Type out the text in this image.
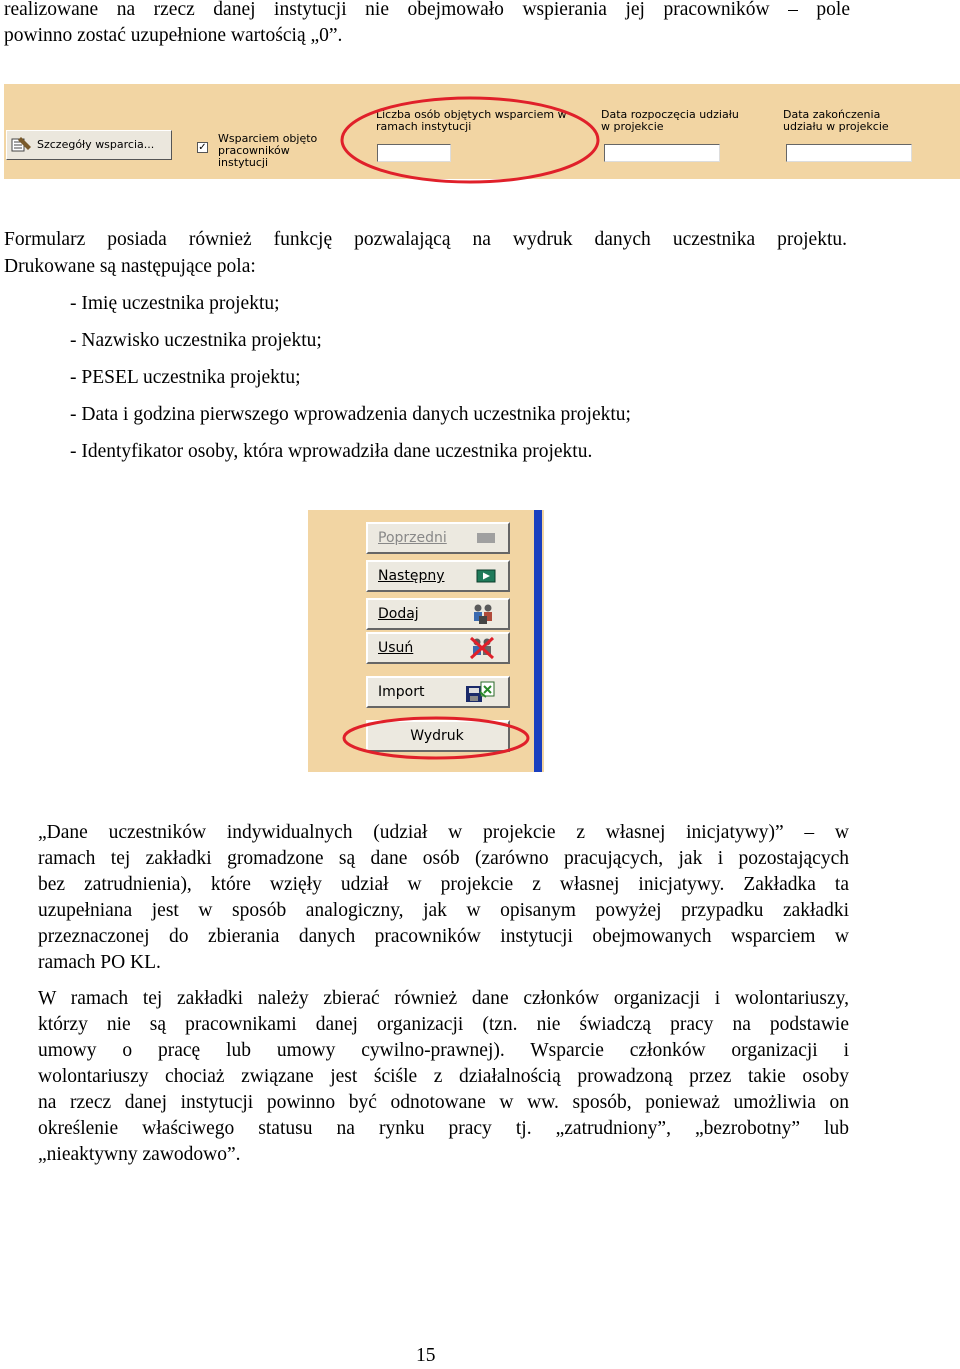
realizowane na rzecz danej instytucji nie obejmowało wspierania jej pracowników – pole
powinno zostać uzupełnione wartością „0”.
Szczegóły wsparcia...	✓
Wsparciem objęto pracowników instytucji
Liczba osób objętych wsparciem w ramach instytucji
Data rozpoczęcia udziału w projekcie
Data zakończenia udziału w projekcie
Formularz posiada również funkcję pozwalającą na wydruk danych uczestnika projektu.
Drukowane są następujące pola:
- Imię uczestnika projektu;
- Nazwisko uczestnika projektu;
- PESEL uczestnika projektu;
- Data i godzina pierwszego wprowadzenia danych uczestnika projektu;
- Identyfikator osoby, która wprowadziła dane uczestnika projektu.
Poprzedni
Następny
Dodaj
Usuń
Import
Wydruk
„Dane uczestników indywidualnych (udział w projekcie z własnej inicjatywy)” – w
ramach tej zakładki gromadzone są dane osób (zarówno pracujących, jak i pozostających
bez zatrudnienia), które wzięły udział w projekcie z własnej inicjatywy. Zakładka ta
uzupełniana jest w sposób analogiczny, jak w opisanym powyżej przypadku zakładki
przeznaczonej do zbierania danych pracowników instytucji obejmowanych wsparciem w
ramach PO KL.
W ramach tej zakładki należy zbierać również dane członków organizacji i wolontariuszy,
którzy nie są pracownikami danej organizacji (tzn. nie świadczą pracy na podstawie
umowy o pracę lub umowy cywilno-prawnej). Wsparcie członków organizacji i
wolontariuszy chociaż związane jest ściśle z działalnością prowadzoną przez takie osoby
na rzecz danej instytucji powinno być odnotowane w ww. sposób, ponieważ umożliwia on
określenie właściwego statusu na rynku pracy tj. „zatrudniony”, „bezrobotny” lub
„nieaktywny zawodowo”.
15
